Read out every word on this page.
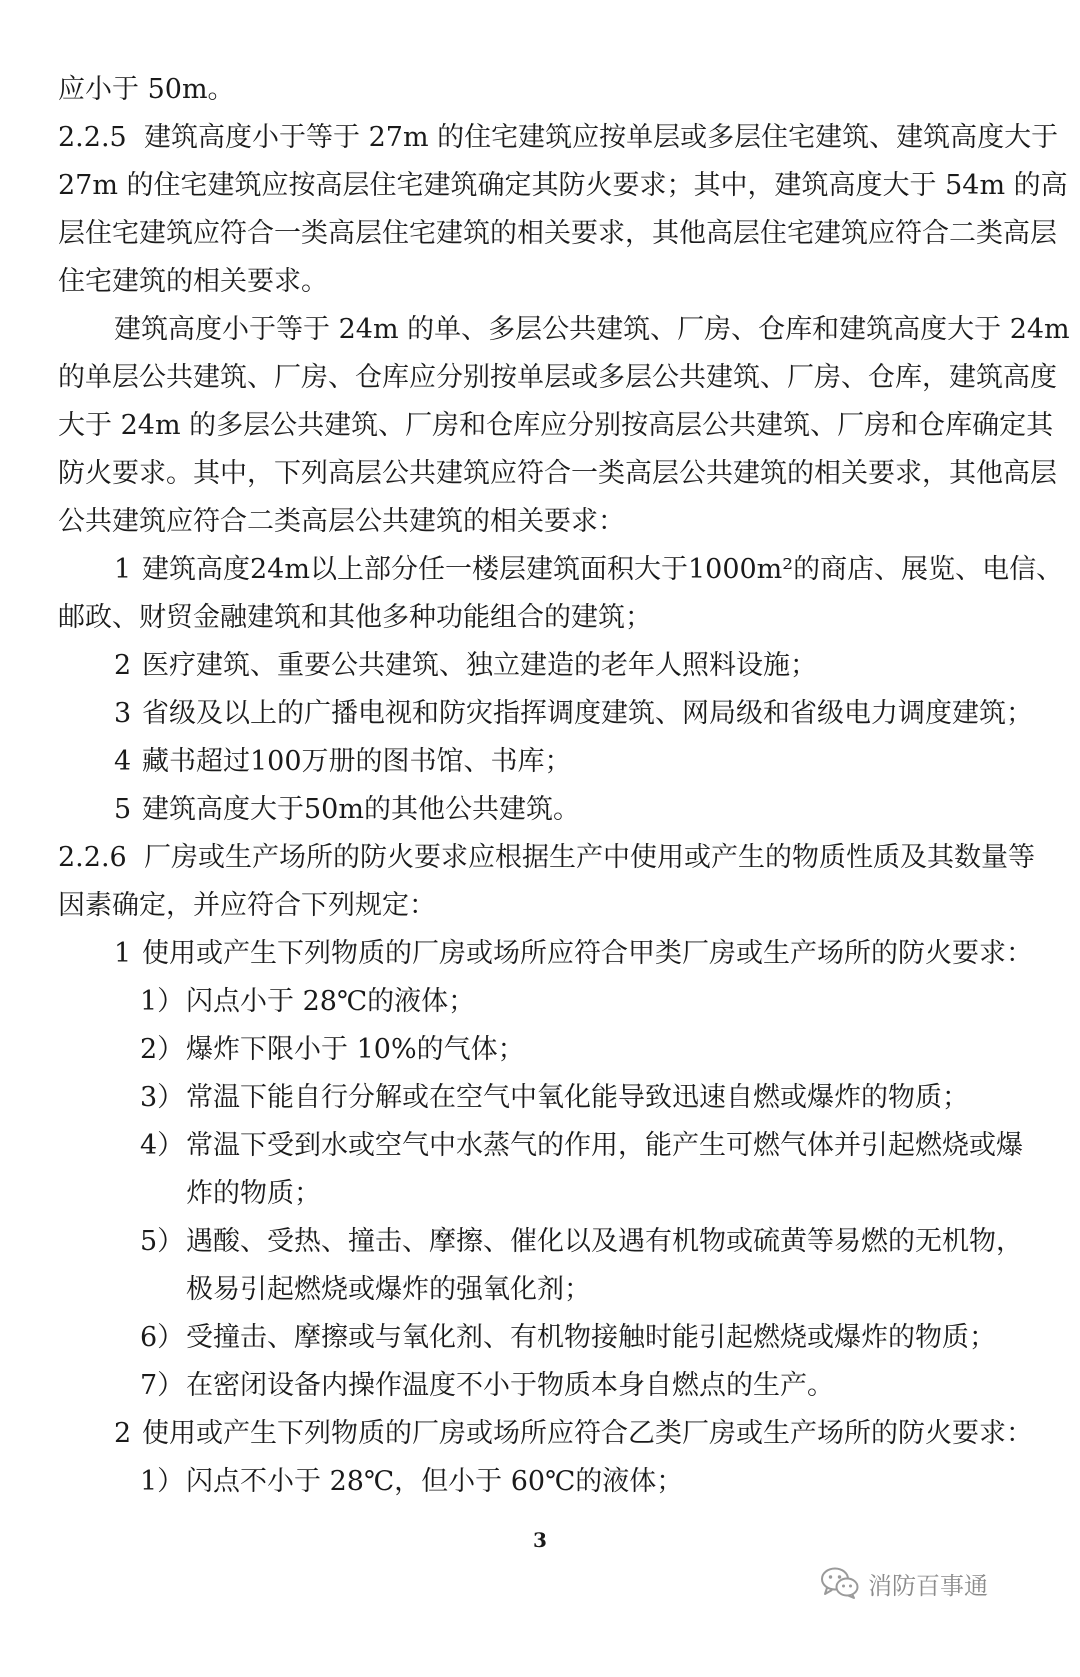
应小于 50m。
2.2.5 建筑高度小于等于 27m 的住宅建筑应按单层或多层住宅建筑、建筑高度大于
27m 的住宅建筑应按高层住宅建筑确定其防火要求；其中，建筑高度大于 54m 的高
层住宅建筑应符合一类高层住宅建筑的相关要求，其他高层住宅建筑应符合二类高层
住宅建筑的相关要求。
建筑高度小于等于 24m 的单、多层公共建筑、厂房、仓库和建筑高度大于 24m
的单层公共建筑、厂房、仓库应分别按单层或多层公共建筑、厂房、仓库，建筑高度
大于 24m 的多层公共建筑、厂房和仓库应分别按高层公共建筑、厂房和仓库确定其
防火要求。其中，下列高层公共建筑应符合一类高层公共建筑的相关要求，其他高层
公共建筑应符合二类高层公共建筑的相关要求：
1 建筑高度24m以上部分任一楼层建筑面积大于1000m²的商店、展览、电信、
邮政、财贸金融建筑和其他多种功能组合的建筑；
2 医疗建筑、重要公共建筑、独立建造的老年人照料设施；
3 省级及以上的广播电视和防灾指挥调度建筑、网局级和省级电力调度建筑；
4 藏书超过100万册的图书馆、书库；
5 建筑高度大于50m的其他公共建筑。
2.2.6 厂房或生产场所的防火要求应根据生产中使用或产生的物质性质及其数量等
因素确定，并应符合下列规定：
1 使用或产生下列物质的厂房或场所应符合甲类厂房或生产场所的防火要求：
1）闪点小于 28℃的液体；
2）爆炸下限小于 10%的气体；
3）常温下能自行分解或在空气中氧化能导致迅速自燃或爆炸的物质；
4）常温下受到水或空气中水蒸气的作用，能产生可燃气体并引起燃烧或爆
炸的物质；
5）遇酸、受热、撞击、摩擦、催化以及遇有机物或硫黄等易燃的无机物，
极易引起燃烧或爆炸的强氧化剂；
6）受撞击、摩擦或与氧化剂、有机物接触时能引起燃烧或爆炸的物质；
7）在密闭设备内操作温度不小于物质本身自燃点的生产。
2 使用或产生下列物质的厂房或场所应符合乙类厂房或生产场所的防火要求：
1）闪点不小于 28℃，但小于 60℃的液体；
3
消防百事通
